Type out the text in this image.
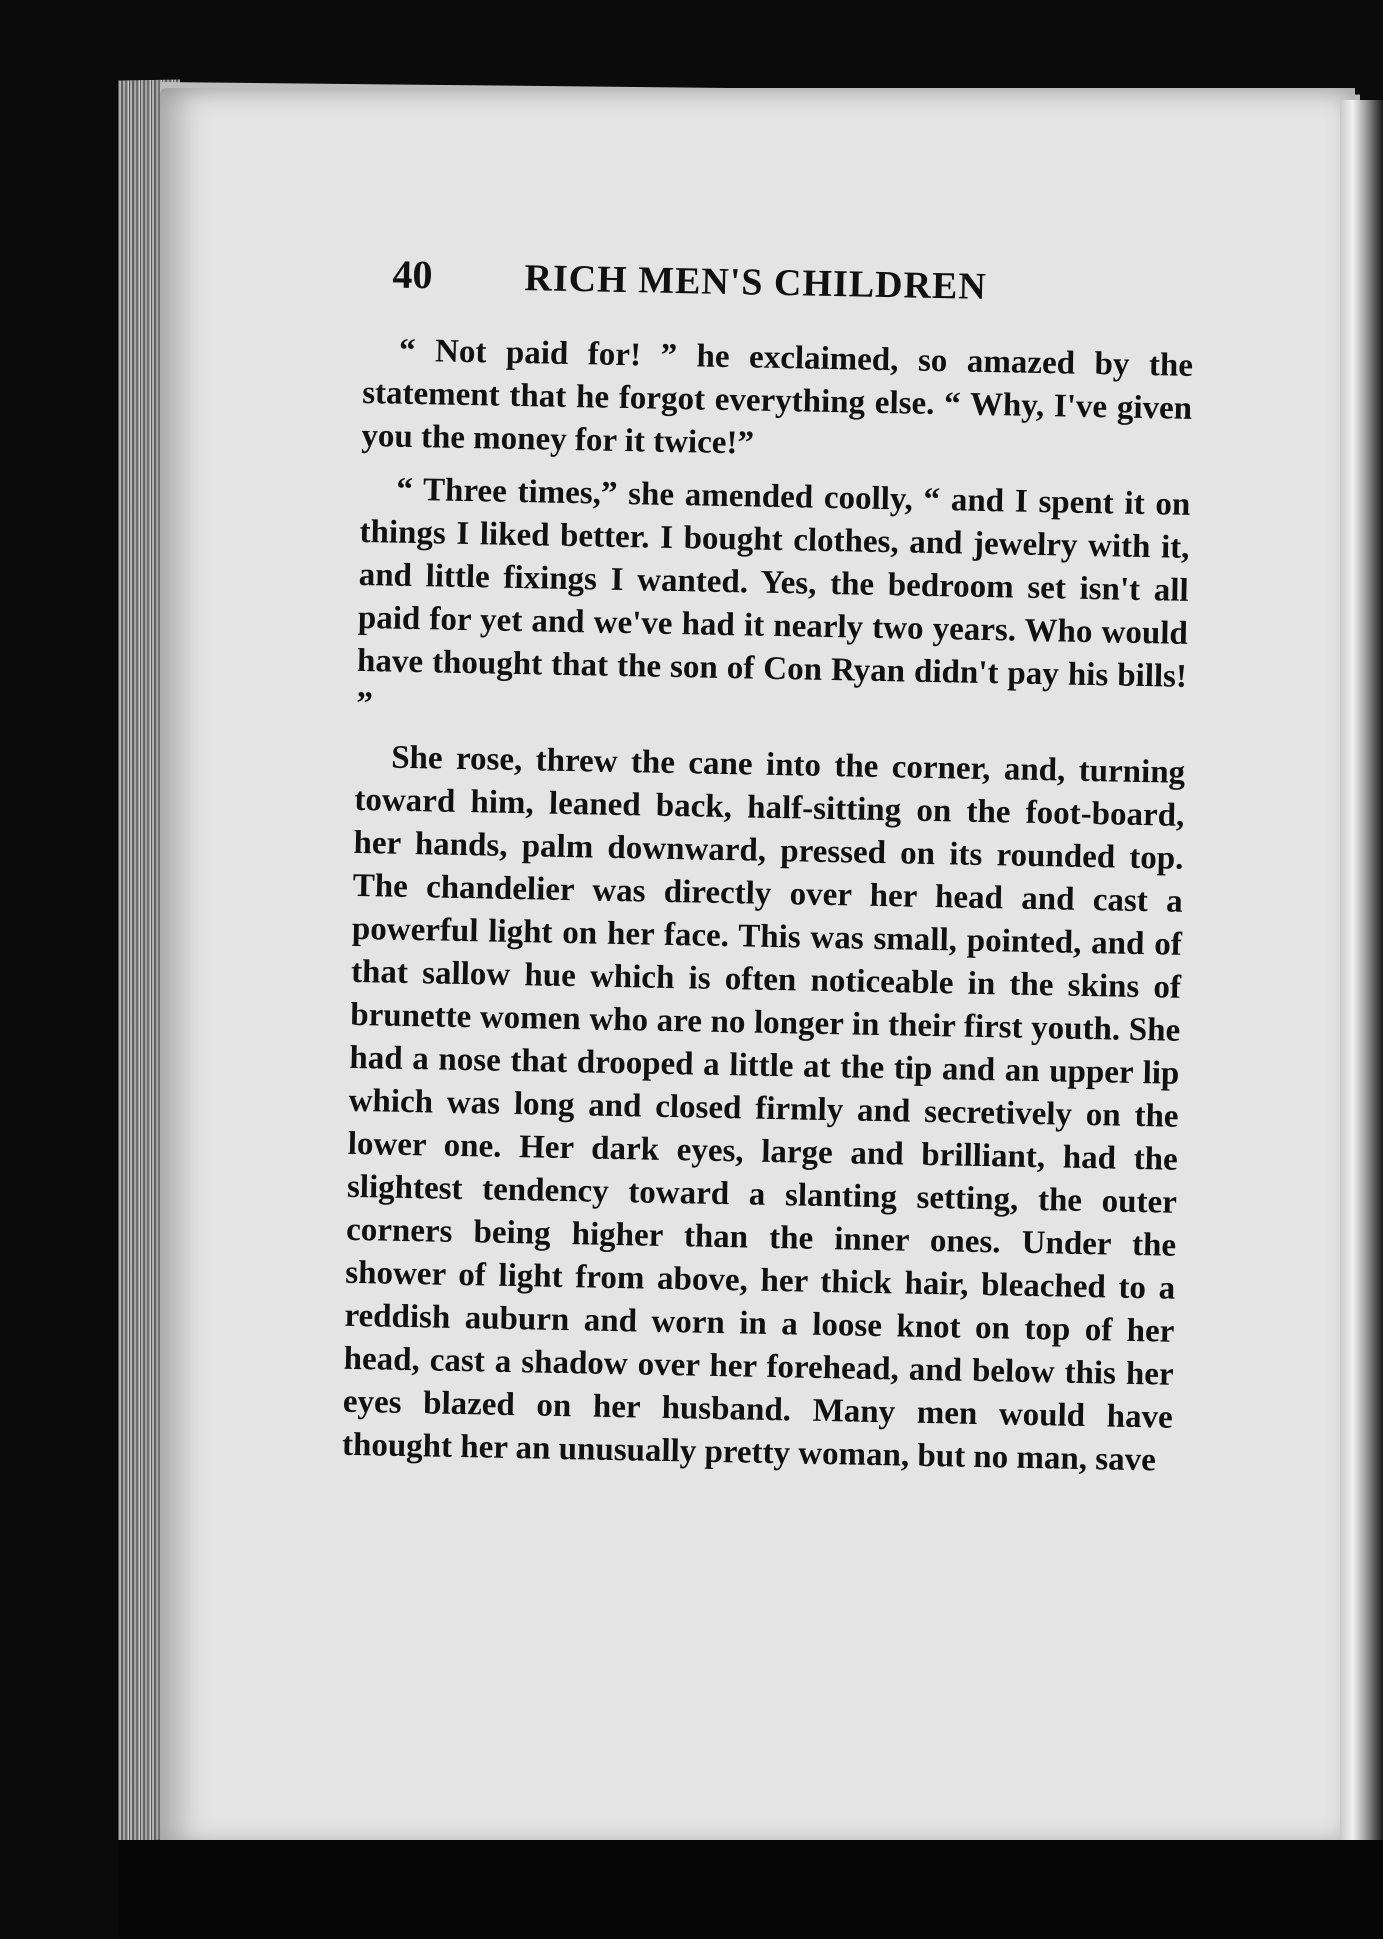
40	RICH MEN'S CHILDREN

“ Not paid for! ” he exclaimed, so amazed by the statement that he forgot everything else. “ Why, I've given you the money for it twice!”

“ Three times,” she amended coolly, “ and I spent it on things I liked better. I bought clothes, and jewelry with it, and little fixings I wanted. Yes, the bedroom set isn't all paid for yet and we've had it nearly two years. Who would have thought that the son of Con Ryan didn't pay his bills! ”

She rose, threw the cane into the corner, and, turning toward him, leaned back, half-sitting on the foot-board, her hands, palm downward, pressed on its rounded top. The chandelier was directly over her head and cast a powerful light on her face. This was small, pointed, and of that sallow hue which is often noticeable in the skins of brunette women who are no longer in their first youth. She had a nose that drooped a little at the tip and an upper lip which was long and closed firmly and secretively on the lower one. Her dark eyes, large and brilliant, had the slightest tendency toward a slanting setting, the outer corners being higher than the inner ones. Under the shower of light from above, her thick hair, bleached to a reddish auburn and worn in a loose knot on top of her head, cast a shadow over her forehead, and below this her eyes blazed on her husband. Many men would have thought her an unusually pretty woman, but no man, save
